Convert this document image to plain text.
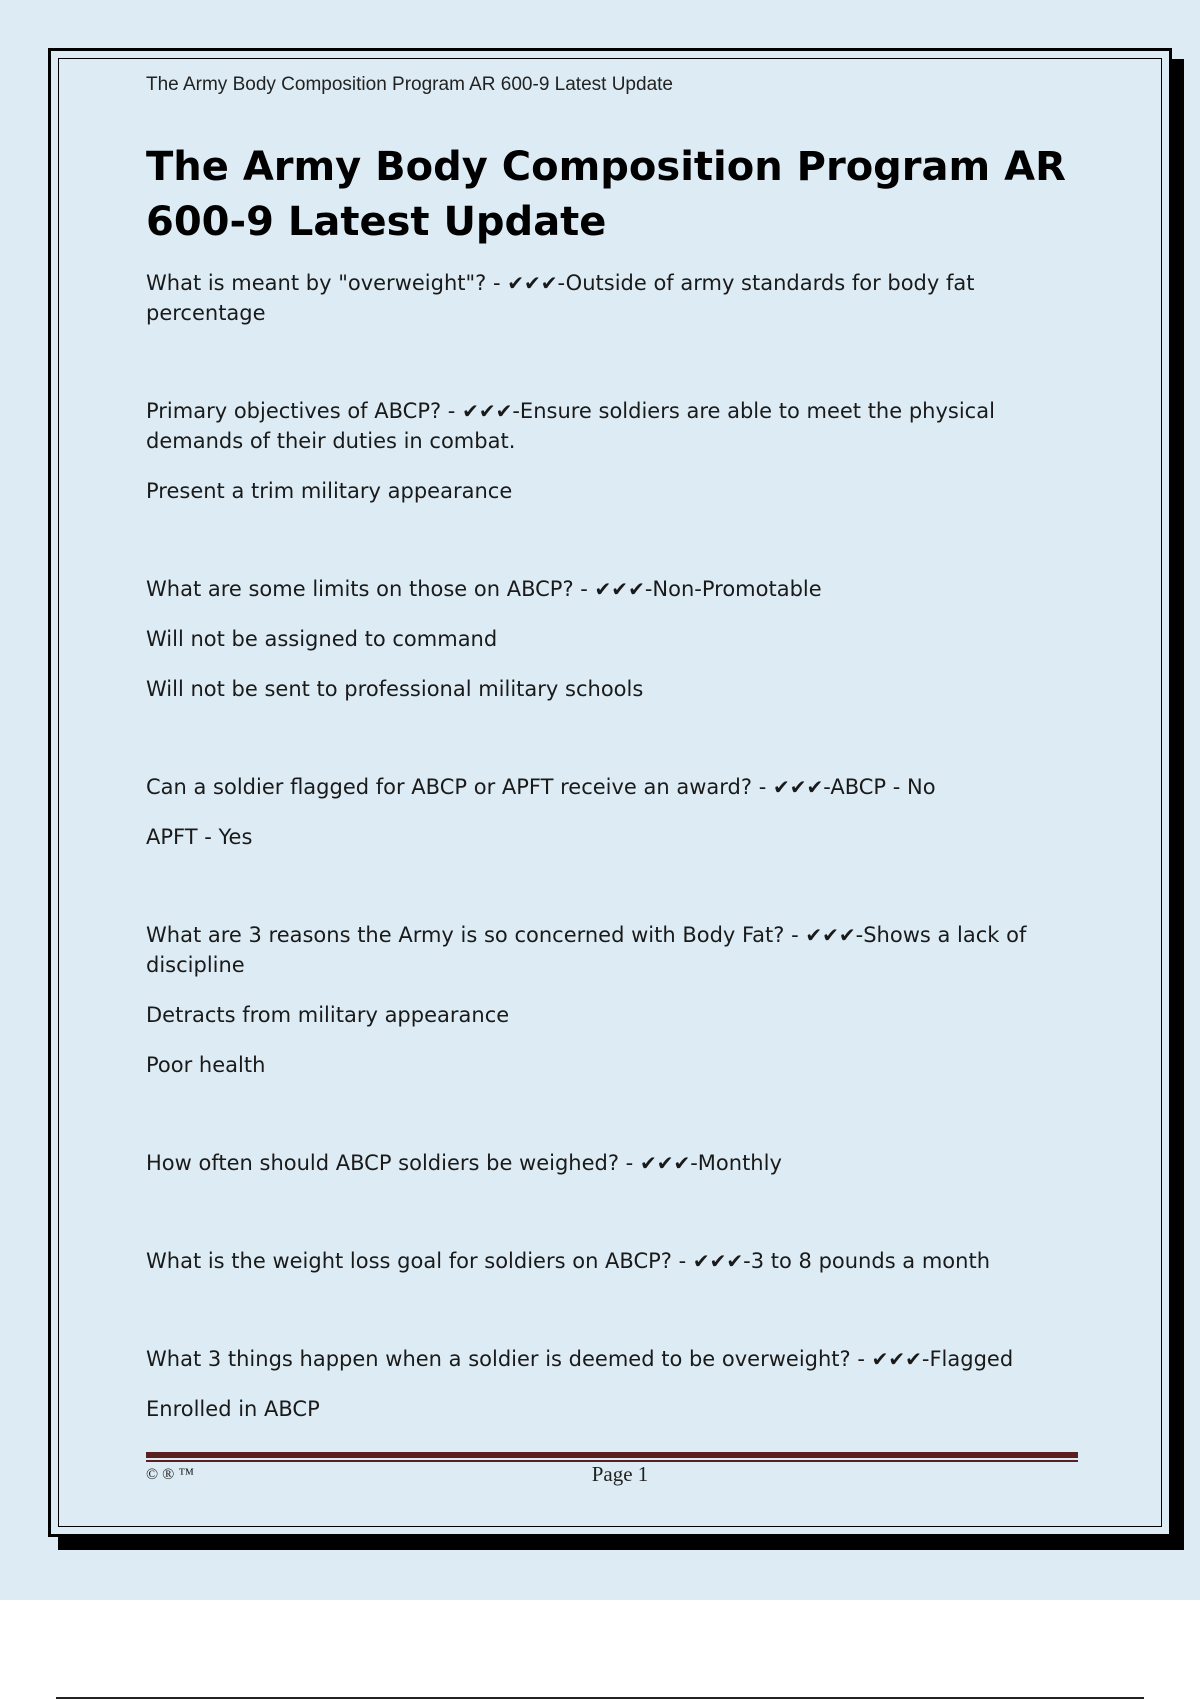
The Army Body Composition Program AR 600-9 Latest Update
The Army Body Composition Program AR 600-9 Latest Update

What is meant by "overweight"? - ✔✔✔-Outside of army standards for body fat percentage

Primary objectives of ABCP? - ✔✔✔-Ensure soldiers are able to meet the physical demands of their duties in combat.

Present a trim military appearance

What are some limits on those on ABCP? - ✔✔✔-Non-Promotable

Will not be assigned to command

Will not be sent to professional military schools

Can a soldier flagged for ABCP or APFT receive an award? - ✔✔✔-ABCP - No

APFT - Yes

What are 3 reasons the Army is so concerned with Body Fat? - ✔✔✔-Shows a lack of discipline

Detracts from military appearance

Poor health

How often should ABCP soldiers be weighed? - ✔✔✔-Monthly

What is the weight loss goal for soldiers on ABCP? - ✔✔✔-3 to 8 pounds a month

What 3 things happen when a soldier is deemed to be overweight? - ✔✔✔-Flagged

Enrolled in ABCP

© ® ™	Page 1
